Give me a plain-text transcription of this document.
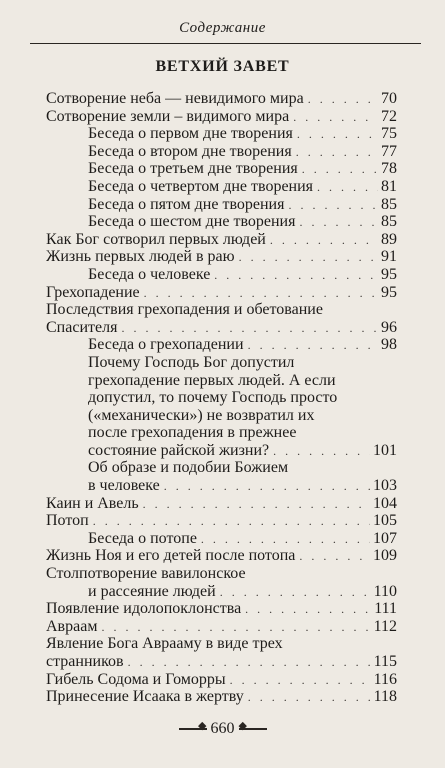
Содержание
ВЕТХИЙ ЗАВЕТ
Сотворение неба — невидимого мира . . .	70
Сотворение земли – видимого мира . . .	72
Беседа о первом дне творения . . .	75
Беседа о втором дне творения . . .	77
Беседа о третьем дне творения . . .	78
Беседа о четвертом дне творения . . .	81
Беседа о пятом дне творения . . .	85
Беседа о шестом дне творения . . .	85
Как Бог сотворил первых людей . . .	89
Жизнь первых людей в раю . . .	91
Беседа о человеке . . .	95
Грехопадение . . .	95
Последствия грехопадения и обетование
Спасителя . . .	96
Беседа о грехопадении . . .	98
Почему Господь Бог допустил
грехопадение первых людей. А если
допустил, то почему Господь просто
(«механически») не возвратил их
после грехопадения в прежнее
состояние райской жизни? . . .	101
Об образе и подобии Божием
в человеке . . .	103
Каин и Авель . . .	104
Потоп . . .	105
Беседа о потопе . . .	107
Жизнь Ноя и его детей после потопа . . .	109
Столпотворение вавилонское
и рассеяние людей . . .	110
Появление идолопоклонства . . .	111
Авраам . . .	112
Явление Бога Аврааму в виде трех
странников . . .	115
Гибель Содома и Гоморры . . .	116
Принесение Исаака в жертву . . .	118
◆
660
◆
